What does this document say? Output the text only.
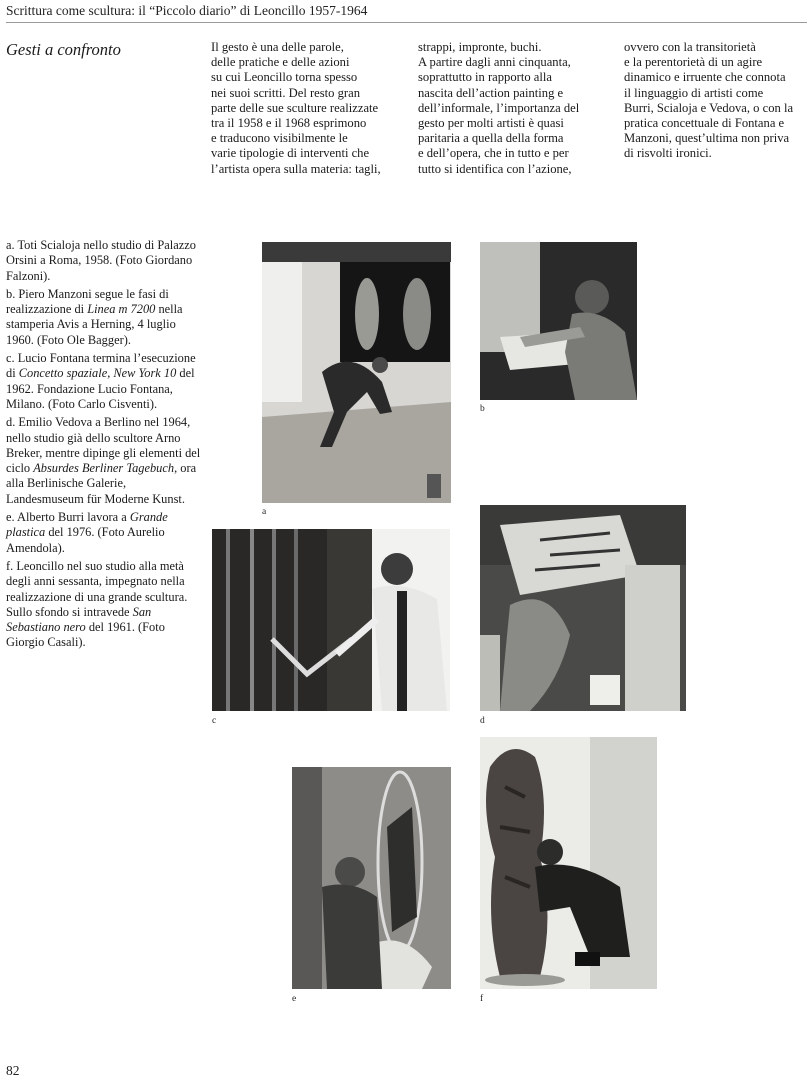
Scrittura come scultura: il “Piccolo diario” di Leoncillo 1957-1964
Gesti a confronto	Il gesto è una delle parole,
delle pratiche e delle azioni
su cui Leoncillo torna spesso
nei suoi scritti. Del resto gran
parte delle sue sculture realizzate
tra il 1958 e il 1968 esprimono
e traducono visibilmente le
varie tipologie di interventi che
l’artista opera sulla materia: tagli,
strappi, impronte, buchi.
A partire dagli anni cinquanta,
soprattutto in rapporto alla
nascita dell’action painting e
dell’informale, l’importanza del
gesto per molti artisti è quasi
paritaria a quella della forma
e dell’opera, che in tutto e per
tutto si identifica con l’azione,
ovvero con la transitorietà
e la perentorietà di un agire
dinamico e irruente che connota
il linguaggio di artisti come
Burri, Scialoja e Vedova, o con la
pratica concettuale di Fontana e
Manzoni, quest’ultima non priva
di risvolti ironici.

a. Toti Scialoja nello studio di Palazzo Orsini a Roma, 1958. (Foto Giordano Falzoni).

b. Piero Manzoni segue le fasi di realizzazione di Linea m 7200 nella stamperia Avis a Herning, 4 luglio 1960. (Foto Ole Bagger).

c. Lucio Fontana termina l’esecuzione di Concetto spaziale, New York 10 del 1962. Fondazione Lucio Fontana, Milano. (Foto Carlo Cisventi).

d. Emilio Vedova a Berlino nel 1964, nello studio già dello scultore Arno Breker, mentre dipinge gli elementi del ciclo Absurdes Berliner Tagebuch, ora alla Berlinische Galerie, Landesmuseum für Moderne Kunst.

e. Alberto Burri lavora a Grande plastica del 1976. (Foto Aurelio Amendola).

f. Leoncillo nel suo studio alla metà degli anni sessanta, impegnato nella realizzazione di una grande scultura. Sullo sfondo si intravede San Sebastiano nero del 1961. (Foto Giorgio Casali).

a
b
c	d
e	f
82
